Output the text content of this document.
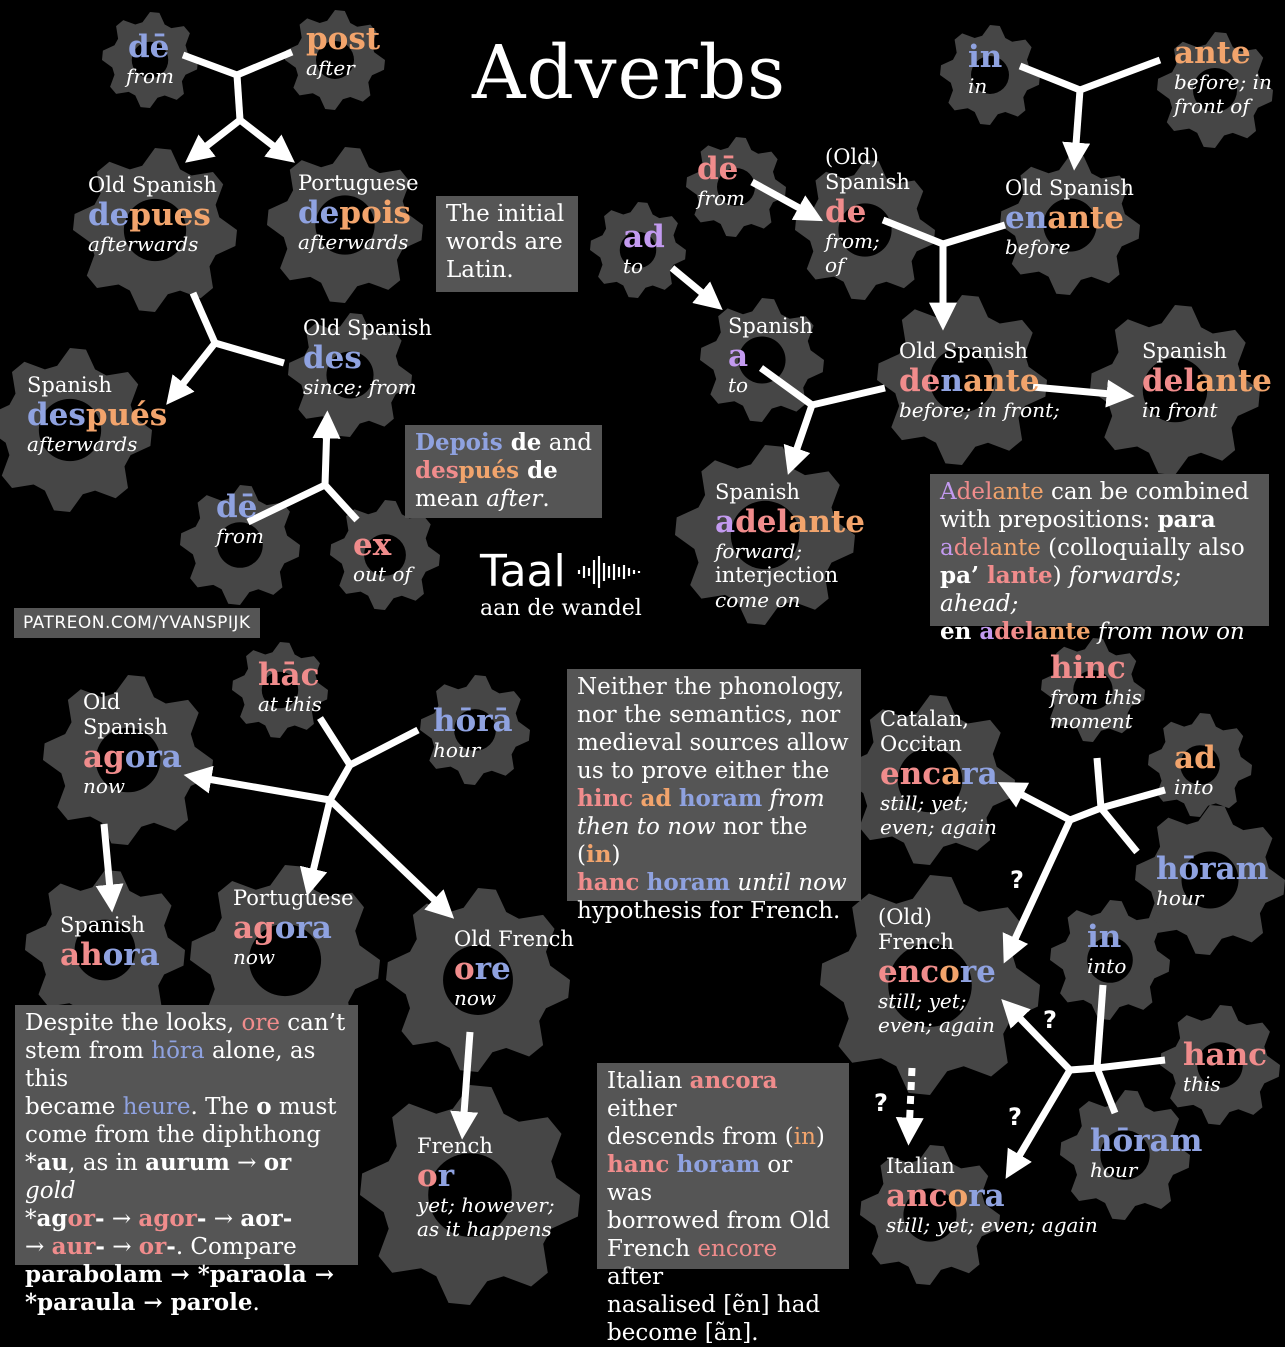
Adverbs
dē
from
post
after
Old Spanish
depues
afterwards
Portuguese
depois
afterwards
Old Spanish
des
since; from
Spanish
después
afterwards
dē
from	ex
out of
The initial words are Latin.
Depois de and después de mean after.
Taal
aan de wandel
PATREON.COM/YVANSPIJK
in
in
ante
before; in
front of
dē
from
(Old)
Spanish
de
from;
of
Old Spanish
enante
before
ad
to
Spanish
a
to
Old Spanish
denante
before; in front;
Spanish
delante
in front
Spanish
adelante
forward;
interjection
come on
Adelante can be combined with prepositions: para
adelante (colloquially also
pa’ lante) forwards; ahead;
en adelante from now on
hāc
at this	hōrā
hour
Old
Spanish
agora
now
Spanish
ahora
Portuguese
agora
now
Old French
ore
now
French
or
yet; however;
as it happens
Despite the looks, ore can’t
stem from hōra alone, as this
became heure. The o must
come from the diphthong
*au, as in aurum → or gold
*agor- → agor- → aor-
→ aur- → or-. Compare
parabolam → *paraola →
*paraula → parole.
Neither the phonology,
nor the semantics, nor
medieval sources allow
us to prove either the
hinc ad horam from
then to now nor the (in)
hanc horam until now
hypothesis for French.
hinc
from this
moment
ad
into
Catalan,
Occitan
encara
still; yet;
even; again
hōram
hour
(Old)
French
encore
still; yet;
even; again
in
into
hanc
this
hōram
hour
Italian
ancora
still; yet; even; again
Italian ancora either
descends from (in)
hanc horam or was
borrowed from Old
French encore after
nasalised [ẽn] had
become [ãn].
?
?
?	?
